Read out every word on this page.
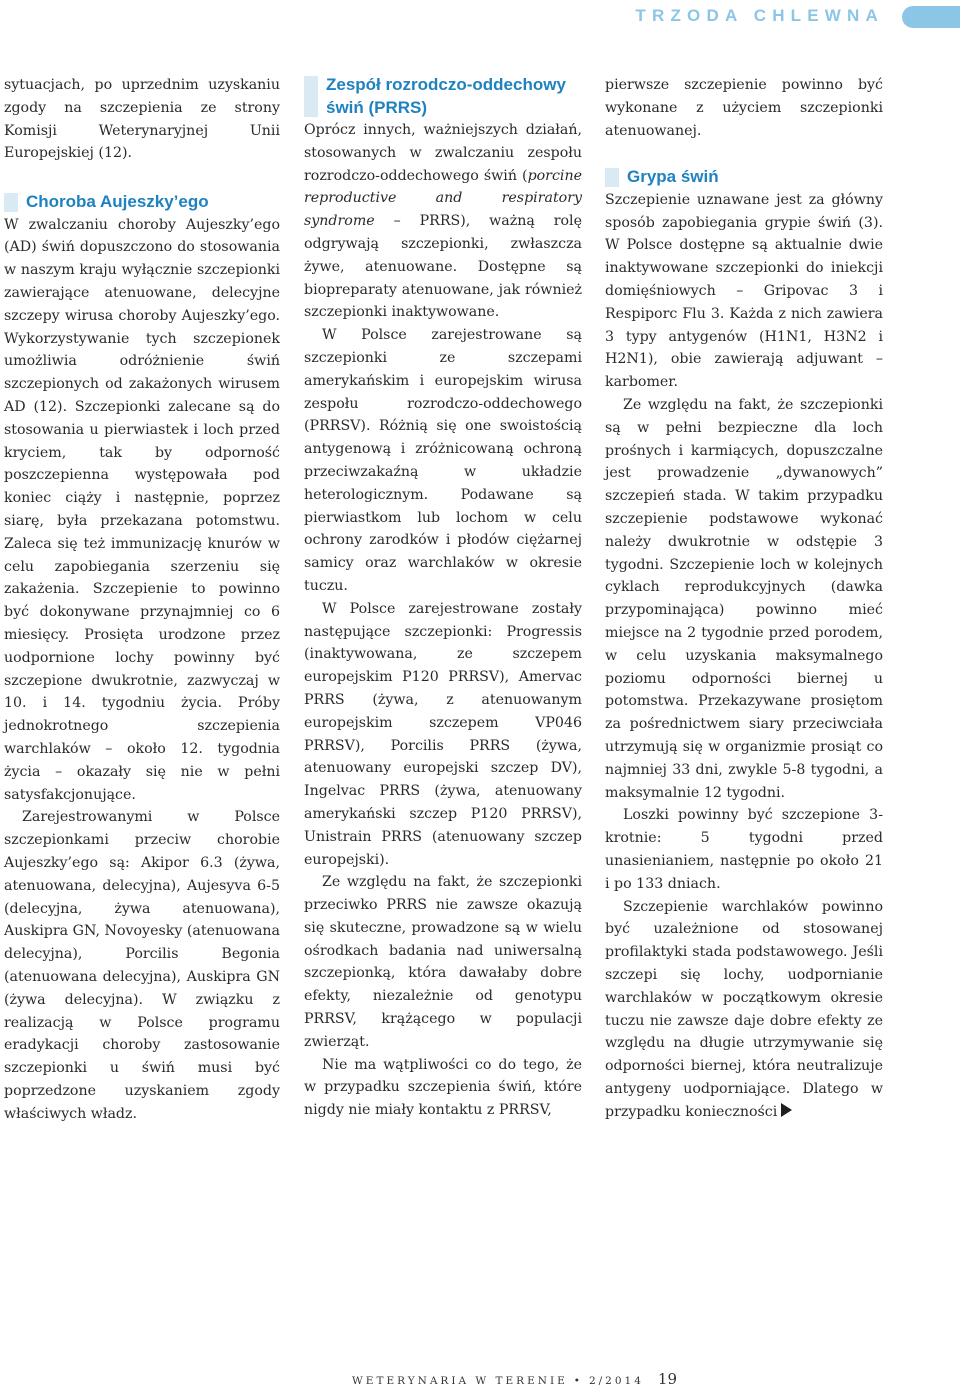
TRZODA CHLEWNA

sytuacjach, po uprzednim uzyskaniu zgody na szczepienia ze strony Komisji Weterynaryjnej Unii Europejskiej (12).

Choroba Aujeszky’ego

W zwalczaniu choroby Aujeszky’ego (AD) świń dopuszczono do stosowania w naszym kraju wyłącznie szczepionki zawierające atenuowane, delecyjne szczepy wirusa choroby Aujeszky’ego. Wykorzystywanie tych szczepionek umożliwia odróżnienie świń szczepionych od zakażonych wirusem AD (12). Szczepionki zalecane są do stosowania u pierwiastek i loch przed kryciem, tak by odporność poszczepienna występowała pod koniec ciąży i następnie, poprzez siarę, była przekazana potomstwu. Zaleca się też immunizację knurów w celu zapobiegania szerzeniu się zakażenia. Szczepienie to powinno być dokonywane przynajmniej co 6 miesięcy. Prosięta urodzone przez uodpornione lochy powinny być szczepione dwukrotnie, zazwyczaj w 10. i 14. tygodniu życia. Próby jednokrotnego szczepienia warchlaków – około 12. tygodnia życia – okazały się nie w pełni satysfakcjonujące.

Zarejestrowanymi w Polsce szczepionkami przeciw chorobie Aujeszky’ego są: Akipor 6.3 (żywa, atenuowana, delecyjna), Aujesyva 6-5 (delecyjna, żywa atenuowana), Auskipra GN, Novoyesky (atenuowana delecyjna), Porcilis Begonia (atenuowana delecyjna), Auskipra GN (żywa delecyjna). W związku z realizacją w Polsce programu eradykacji choroby zastosowanie szczepionki u świń musi być poprzedzone uzyskaniem zgody właściwych władz.

Zespół rozrodczo-oddechowy świń (PRRS)

Oprócz innych, ważniejszych działań, stosowanych w zwalczaniu zespołu rozrodczo-oddechowego świń (porcine reproductive and respiratory syndrome – PRRS), ważną rolę odgrywają szczepionki, zwłaszcza żywe, atenuowane. Dostępne są biopreparaty atenuowane, jak również szczepionki inaktywowane.

W Polsce zarejestrowane są szczepionki ze szczepami amerykańskim i europejskim wirusa zespołu rozrodczo-oddechowego (PRRSV). Różnią się one swoistością antygenową i zróżnicowaną ochroną przeciwzakaźną w układzie heterologicznym. Podawane są pierwiastkom lub lochom w celu ochrony zarodków i płodów ciężarnej samicy oraz warchlaków w okresie tuczu.

W Polsce zarejestrowane zostały następujące szczepionki: Progressis (inaktywowana, ze szczepem europejskim P120 PRRSV), Amervac PRRS (żywa, z atenuowanym europejskim szczepem VP046 PRRSV), Porcilis PRRS (żywa, atenuowany europejski szczep DV), Ingelvac PRRS (żywa, atenuowany amerykański szczep P120 PRRSV), Unistrain PRRS (atenuowany szczep europejski).

Ze względu na fakt, że szczepionki przeciwko PRRS nie zawsze okazują się skuteczne, prowadzone są w wielu ośrodkach badania nad uniwersalną szczepionką, która dawałaby dobre efekty, niezależnie od genotypu PRRSV, krążącego w populacji zwierząt.

Nie ma wątpliwości co do tego, że w przypadku szczepienia świń, które nigdy nie miały kontaktu z PRRSV,

pierwsze szczepienie powinno być wykonane z użyciem szczepionki atenuowanej.

Grypa świń

Szczepienie uznawane jest za główny sposób zapobiegania grypie świń (3). W Polsce dostępne są aktualnie dwie inaktywowane szczepionki do iniekcji domięśniowych – Gripovac 3 i Respiporc Flu 3. Każda z nich zawiera 3 typy antygenów (H1N1, H3N2 i H2N1), obie zawierają adjuwant – karbomer.

Ze względu na fakt, że szczepionki są w pełni bezpieczne dla loch prośnych i karmiących, dopuszczalne jest prowadzenie „dywanowych” szczepień stada. W takim przypadku szczepienie podstawowe wykonać należy dwukrotnie w odstępie 3 tygodni. Szczepienie loch w kolejnych cyklach reprodukcyjnych (dawka przypominająca) powinno mieć miejsce na 2 tygodnie przed porodem, w celu uzyskania maksymalnego poziomu odporności biernej u potomstwa. Przekazywane prosiętom za pośrednictwem siary przeciwciała utrzymują się w organizmie prosiąt co najmniej 33 dni, zwykle 5-8 tygodni, a maksymalnie 12 tygodni.

Loszki powinny być szczepione 3-krotnie: 5 tygodni przed unasienianiem, następnie po około 21 i po 133 dniach.

Szczepienie warchlaków powinno być uzależnione od stosowanej profilaktyki stada podstawowego. Jeśli szczepi się lochy, uodpornianie warchlaków w początkowym okresie tuczu nie zawsze daje dobre efekty ze względu na długie utrzymywanie się odporności biernej, która neutralizuje antygeny uodporniające. Dlatego w przypadku konieczności

WETERYNARIA W TERENIE • 2/2014 19
